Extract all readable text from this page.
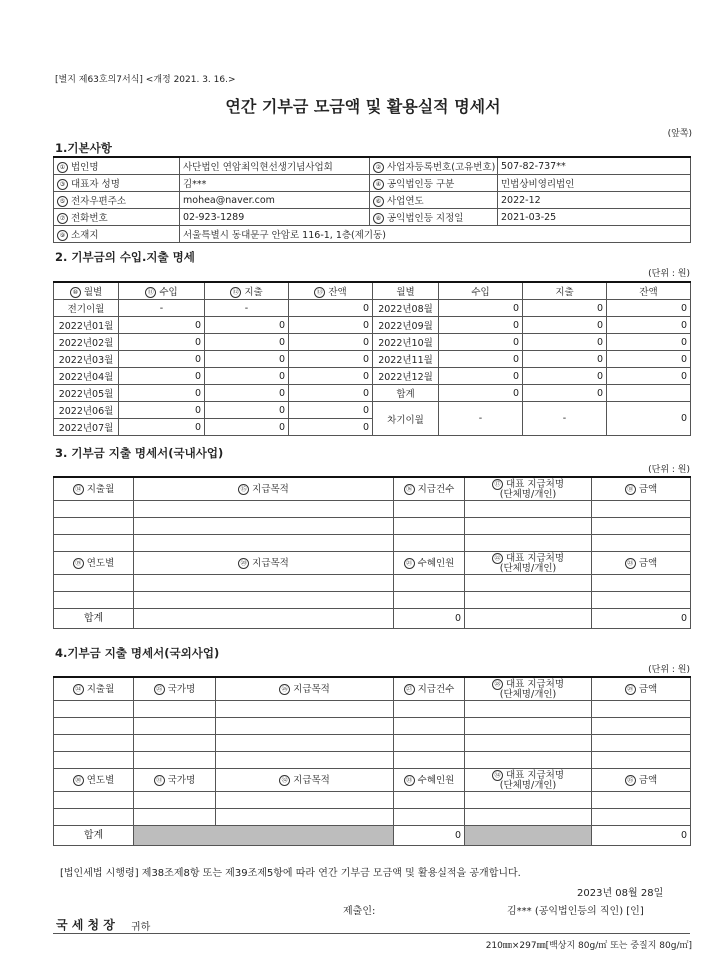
[별지 제63호의7서식] <개정 2021. 3. 16.>
연간 기부금 모금액 및 활용실적 명세서
(앞쪽)
1.기본사항
① 법인명	사단법인 연암최익현선생기념사업회	② 사업자등록번호(고유번호)	507-82-737**
③ 대표자 성명	김***	④ 공익법인등 구분	민법상비영리법인
⑤ 전자우편주소	mohea@naver.com	⑥ 사업연도	2022-12
⑦ 전화번호	02-923-1289	⑧ 공익법인등 지정일	2021-03-25
⑨ 소재지	서울특별시 동대문구 안암로 116-1, 1층(제기동)		
2. 기부금의 수입.지출 명세
(단위 : 원)
⑩ 월별	⑪ 수입	⑫ 지출	⑬ 잔액	월별	수입	지출	잔액
전기이월	-	-	0	2022년08월	0	0	0
2022년01월	0	0	0	2022년09월	0	0	0
2022년02월	0	0	0	2022년10월	0	0	0
2022년03월	0	0	0	2022년11월	0	0	0
2022년04월	0	0	0	2022년12월	0	0	0
2022년05월	0	0	0	합계	0	0	
2022년06월	0	0	0	차기이월	-	-	0
2022년07월	0	0	0				
3. 기부금 지출 명세서(국내사업)
(단위 : 원)
⑭ 지출월	⑮ 지급목적	⑯ 지급건수	⑰ 대표 지급처명
(단체명/개인)	⑱ 금액

⑲ 연도별	⑳ 지급목적	㉑ 수혜인원	㉒ 대표 지급처명
(단체명/개인)	㉓ 금액

합계		0		0
4.기부금 지출 명세서(국외사업)
(단위 : 원)
㉔ 지출월	㉕ 국가명	㉖ 지급목적	㉗ 지급건수	㉘ 대표 지급처명
(단체명/개인)	㉙ 금액

㉚ 연도별	㉛ 국가명	㉜ 지급목적	㉝ 수혜인원	㉞ 대표 지급처명
(단체명/개인)	㉟ 금액

합계			0		0
[법인세법 시행령] 제38조제8항 또는 제39조제5항에 따라 연간 기부금 모금액 및 활용실적을 공개합니다.
2023년 08월 28일
제출인:	김*** (공익법인등의 직인) [인]
국 세 청 장 귀하
210㎜×297㎜[백상지 80g/㎡ 또는 중질지 80g/㎡]
